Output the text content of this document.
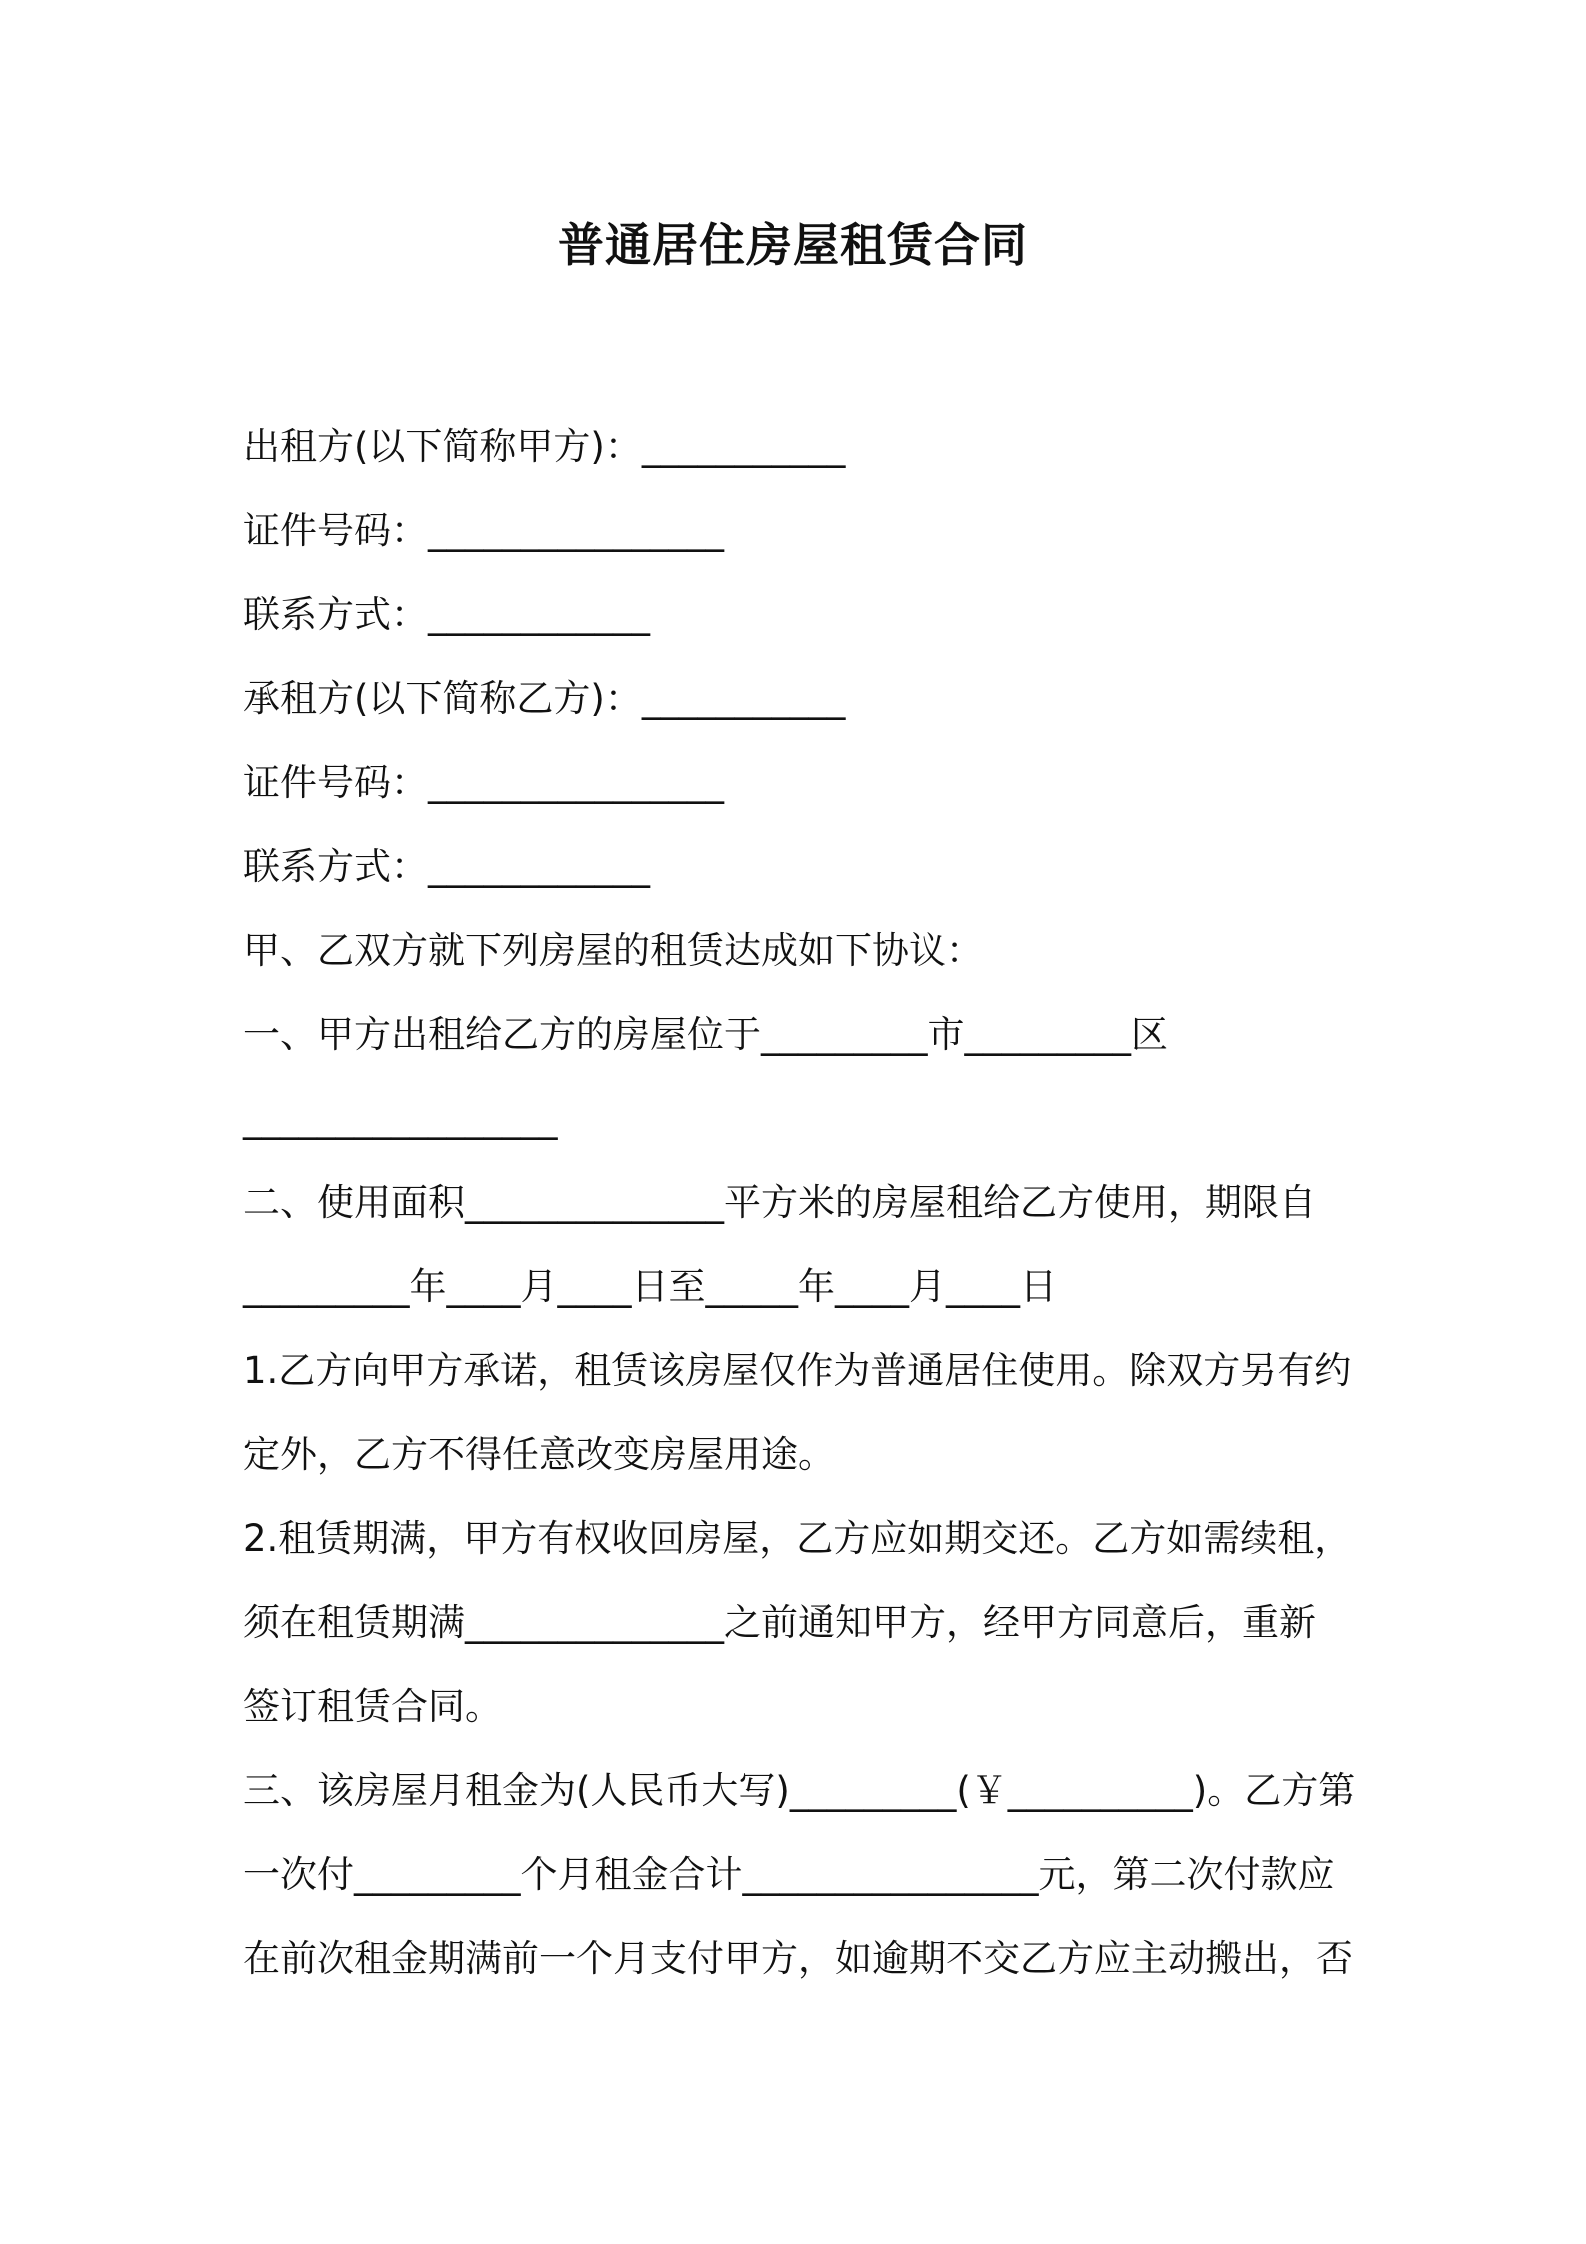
普通居住房屋租赁合同

出租方(以下简称甲方)：___________

证件号码：________________

联系方式：____________

承租方(以下简称乙方)：___________

证件号码：________________

联系方式：____________

甲、乙双方就下列房屋的租赁达成如下协议：

一、甲方出租给乙方的房屋位于_________市_________区

_________________

二、使用面积______________平方米的房屋租给乙方使用，期限自

_________年____月____日至_____年____月____日

1.乙方向甲方承诺，租赁该房屋仅作为普通居住使用。除双方另有约

定外，乙方不得任意改变房屋用途。

2.租赁期满，甲方有权收回房屋，乙方应如期交还。乙方如需续租，

须在租赁期满______________之前通知甲方，经甲方同意后，重新

签订租赁合同。

三、该房屋月租金为(人民币大写)_________(￥__________)。乙方第

一次付_________个月租金合计________________元，第二次付款应

在前次租金期满前一个月支付甲方，如逾期不交乙方应主动搬出，否
